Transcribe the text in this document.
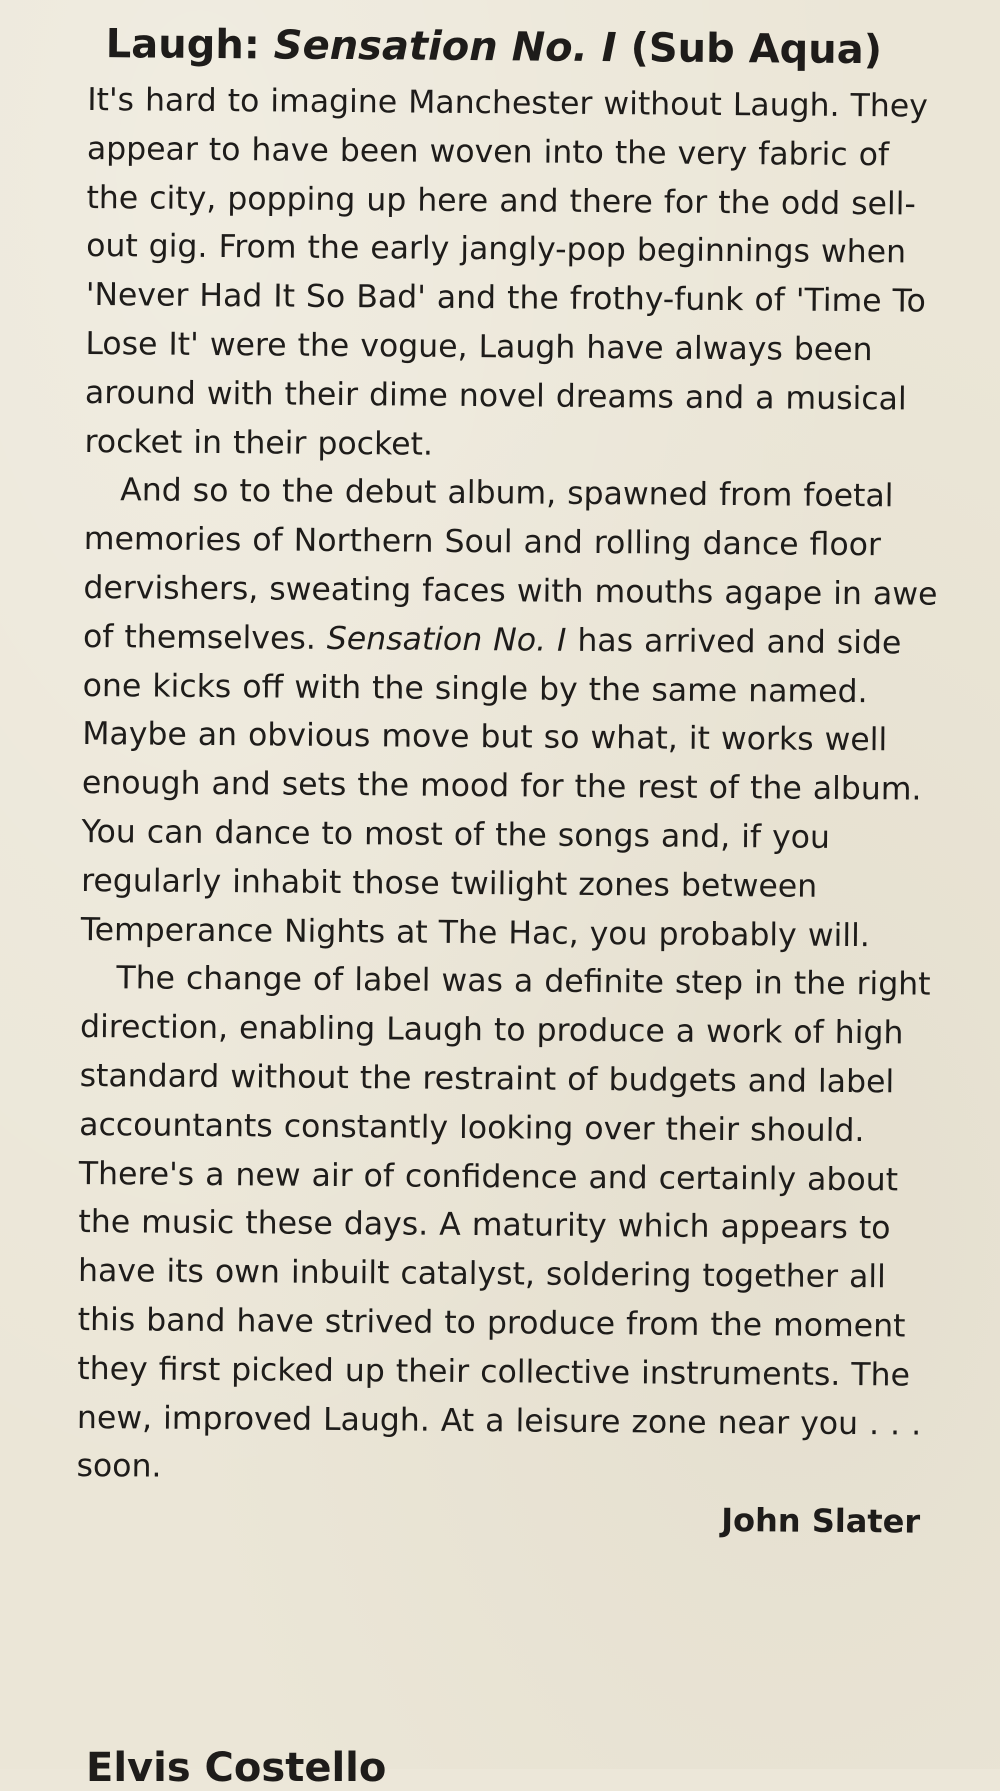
Laugh: Sensation No. I (Sub Aqua)

It's hard to imagine Manchester without Laugh. They appear to have been woven into the very fabric of the city, popping up here and there for the odd sell-out gig. From the early jangly-pop beginnings when 'Never Had It So Bad' and the frothy-funk of 'Time To Lose It' were the vogue, Laugh have always been around with their dime novel dreams and a musical rocket in their pocket.

And so to the debut album, spawned from foetal memories of Northern Soul and rolling dance floor dervishers, sweating faces with mouths agape in awe of themselves. Sensation No. I has arrived and side one kicks off with the single by the same named. Maybe an obvious move but so what, it works well enough and sets the mood for the rest of the album. You can dance to most of the songs and, if you regularly inhabit those twilight zones between Temperance Nights at The Hac, you probably will.

The change of label was a definite step in the right direction, enabling Laugh to produce a work of high standard without the restraint of budgets and label accountants constantly looking over their should. There's a new air of confidence and certainly about the music these days. A maturity which appears to have its own inbuilt catalyst, soldering together all this band have strived to produce from the moment they first picked up their collective instruments. The new, improved Laugh. At a leisure zone near you . . . soon.

John Slater

Elvis Costello
